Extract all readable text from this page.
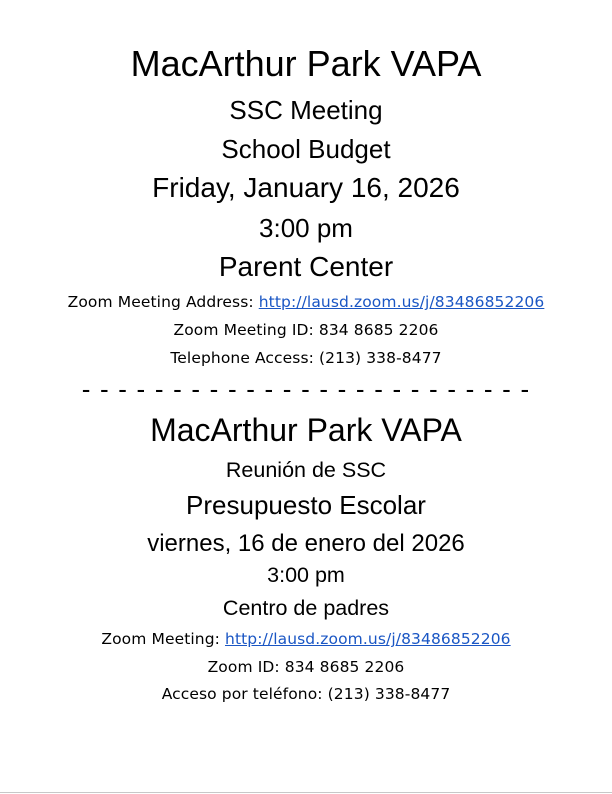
MacArthur Park VAPA
SSC Meeting
School Budget
Friday, January 16, 2026
3:00 pm
Parent Center
Zoom Meeting Address: http://lausd.zoom.us/j/83486852206
Zoom Meeting ID: 834 8685 2206
Telephone Access: (213) 338-8477
- - - - - - - - - - - - - - - - - - - - - - - - -
MacArthur Park VAPA
Reunión de SSC
Presupuesto Escolar
viernes, 16 de enero del 2026
3:00 pm
Centro de padres
Zoom Meeting: http://lausd.zoom.us/j/83486852206
Zoom ID: 834 8685 2206
Acceso por teléfono: (213) 338-8477
